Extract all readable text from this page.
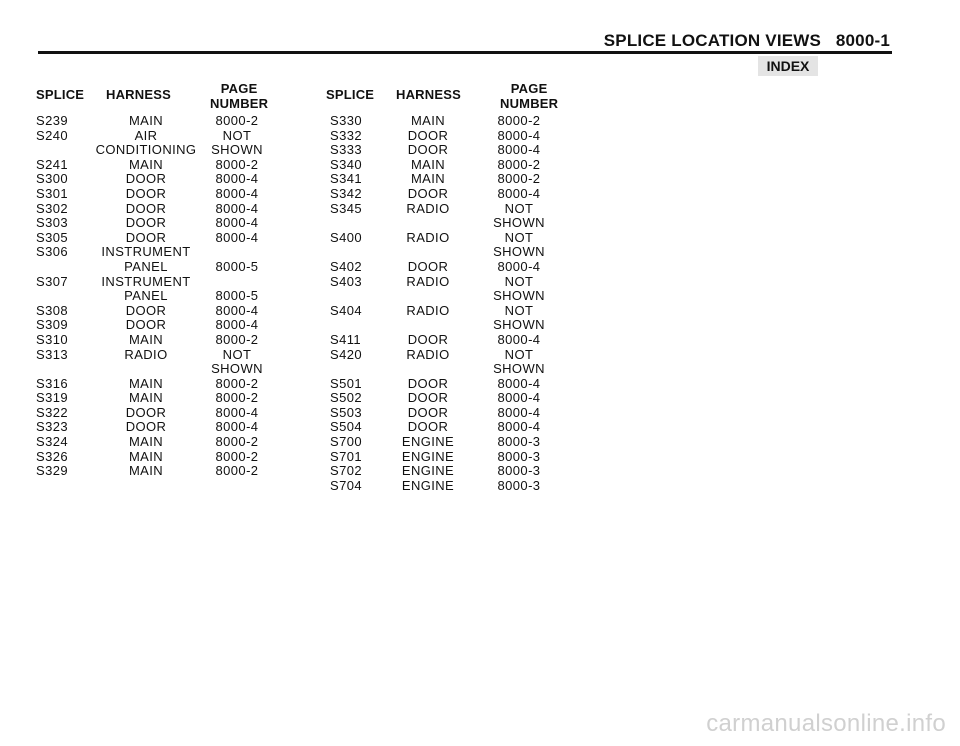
SPLICE LOCATION VIEWS   8000-1
INDEX
SPLICE HARNESS	PAGE
NUMBER
S239	MAIN	8000-2
S240	AIR	NOT
CONDITIONING	SHOWN
S241	MAIN	8000-2
S300	DOOR	8000-4
S301	DOOR	8000-4
S302	DOOR	8000-4
S303	DOOR	8000-4
S305	DOOR	8000-4
S306	INSTRUMENT
PANEL	8000-5
S307	INSTRUMENT
PANEL	8000-5
S308	DOOR	8000-4
S309	DOOR	8000-4
S310	MAIN	8000-2
S313	RADIO	NOT
SHOWN
S316	MAIN	8000-2
S319	MAIN	8000-2
S322	DOOR	8000-4
S323	DOOR	8000-4
S324	MAIN	8000-2
S326	MAIN	8000-2
S329	MAIN	8000-2
SPLICE HARNESS	PAGE
NUMBER
S330	MAIN	8000-2
S332	DOOR	8000-4
S333	DOOR	8000-4
S340	MAIN	8000-2
S341	MAIN	8000-2
S342	DOOR	8000-4
S345	RADIO	NOT
SHOWN
S400	RADIO	NOT
SHOWN
S402	DOOR	8000-4
S403	RADIO	NOT
SHOWN
S404	RADIO	NOT
SHOWN
S411	DOOR	8000-4
S420	RADIO	NOT
SHOWN
S501	DOOR	8000-4
S502	DOOR	8000-4
S503	DOOR	8000-4
S504	DOOR	8000-4
S700	ENGINE	8000-3
S701	ENGINE	8000-3
S702	ENGINE	8000-3
S704	ENGINE	8000-3
carmanualsonline.info
